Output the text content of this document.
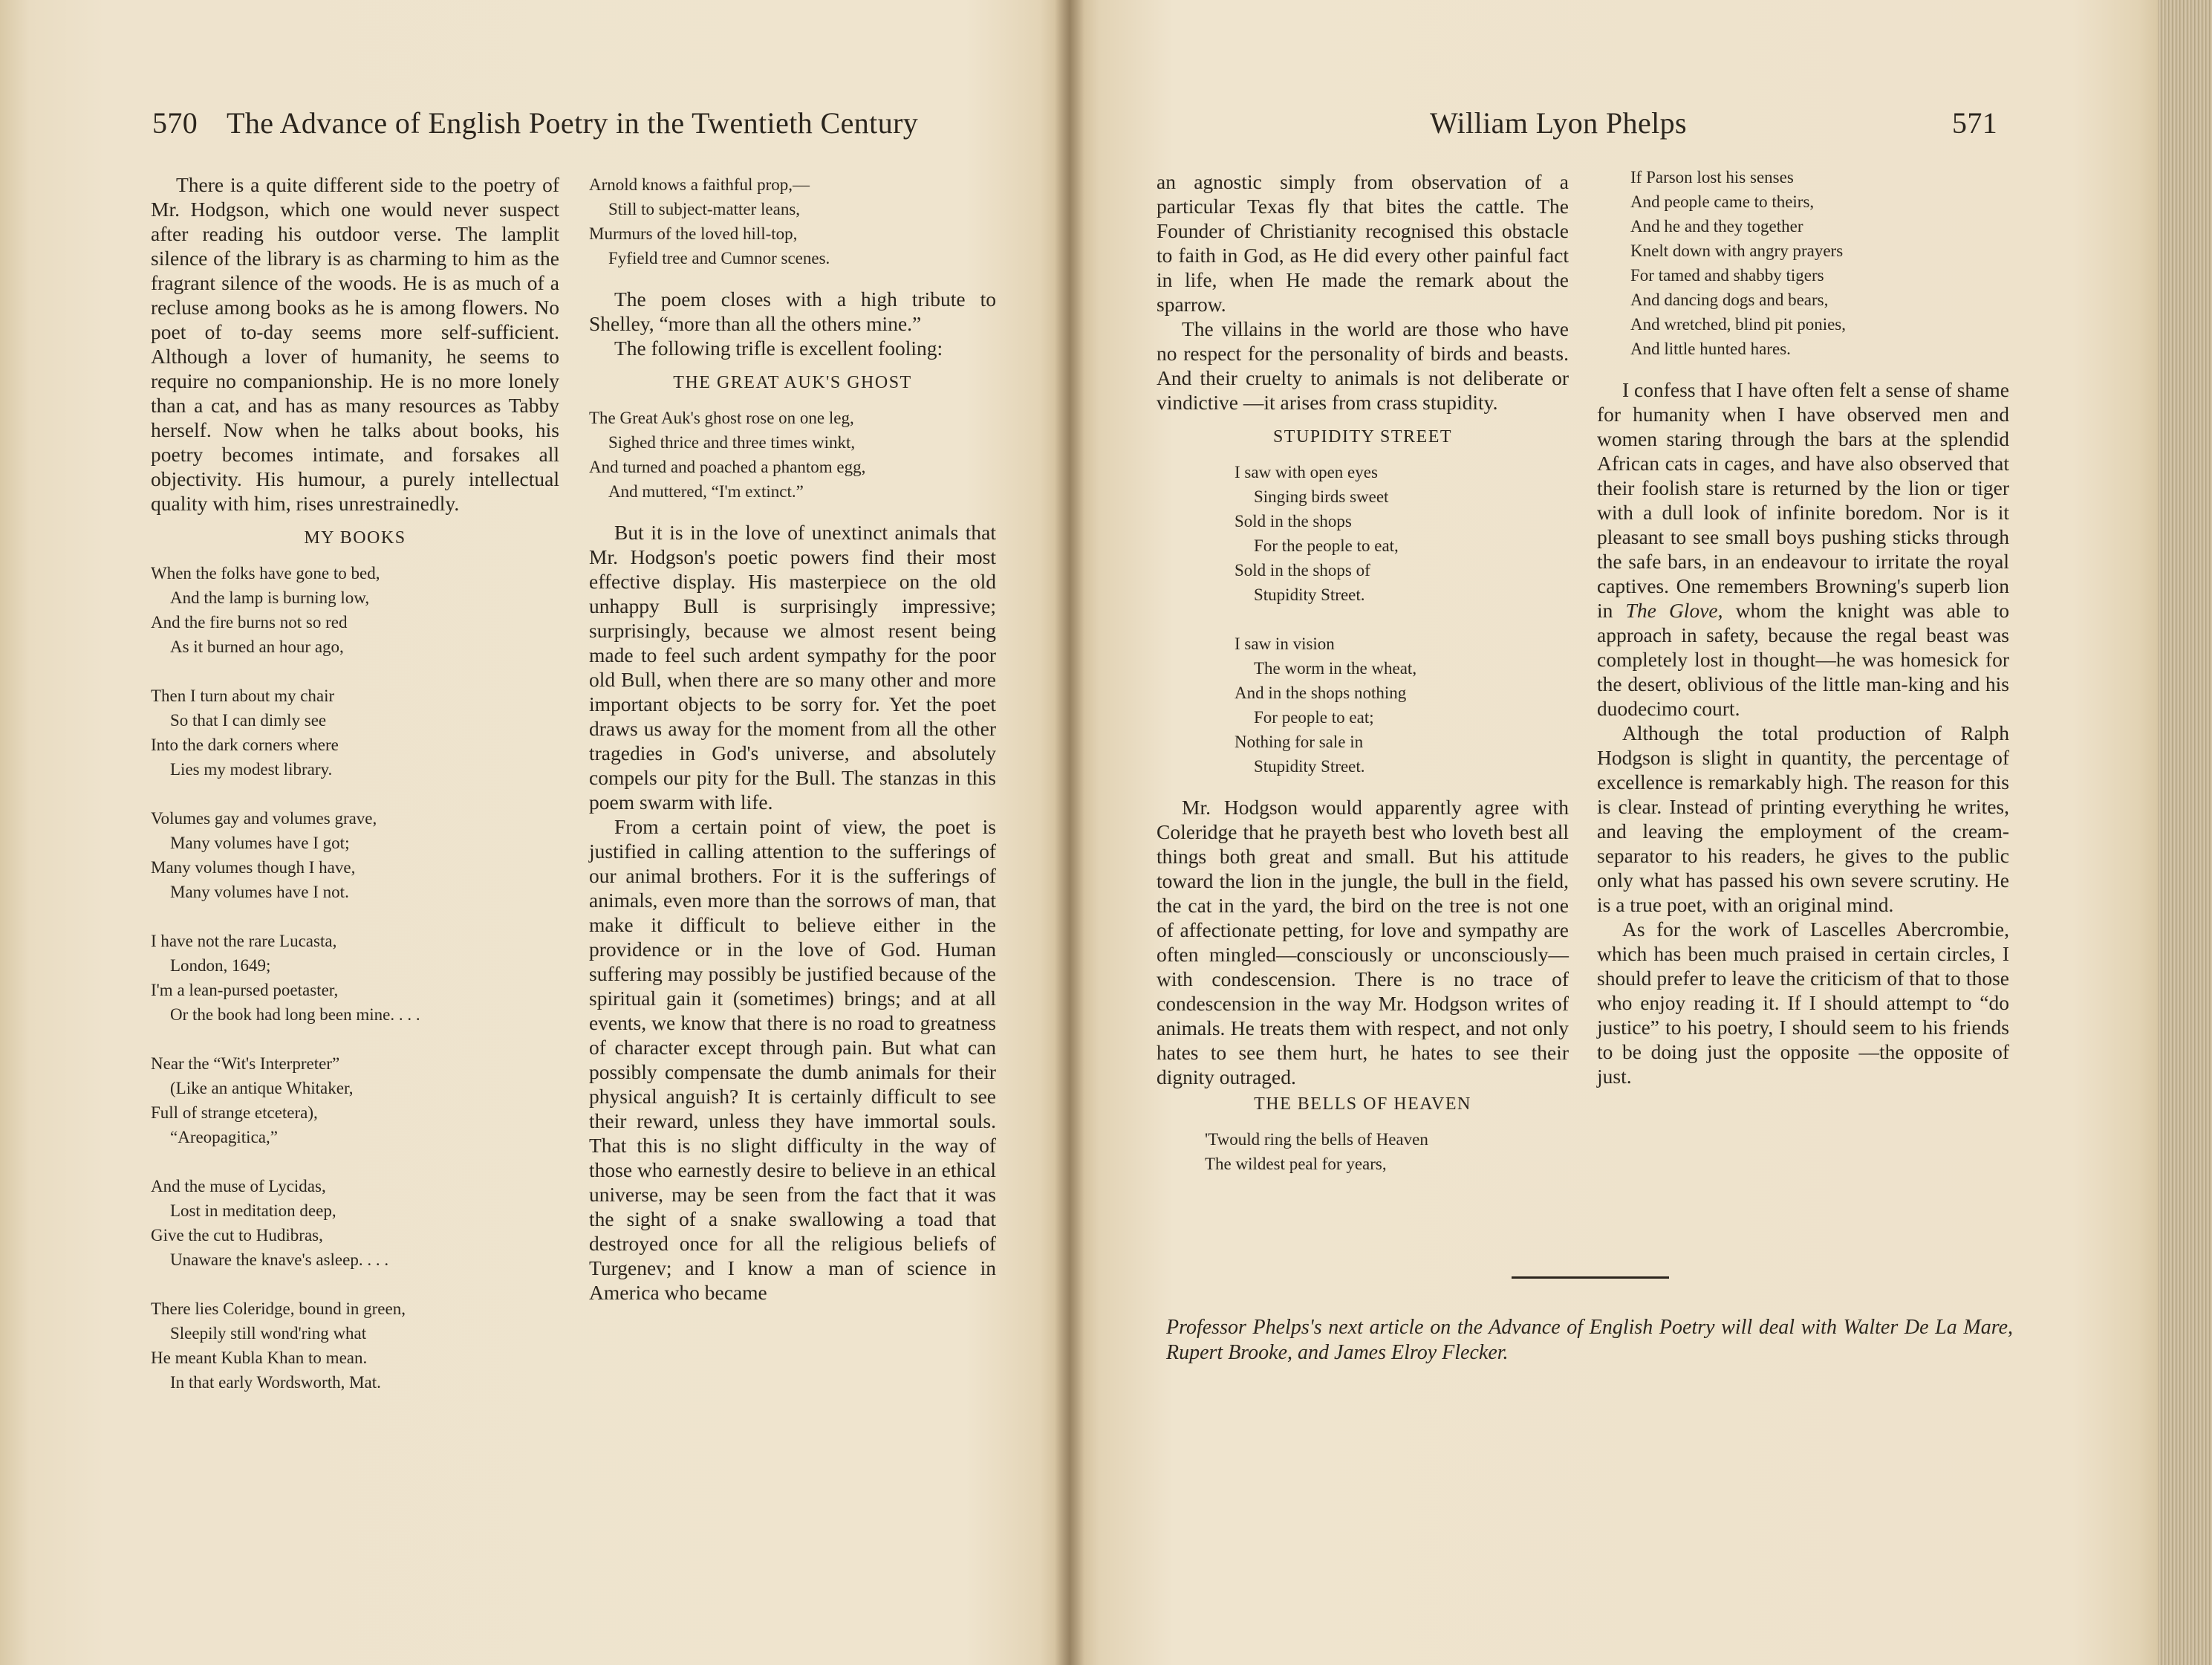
570 The Advance of English Poetry in the Twentieth Century

There is a quite different side to the poetry of Mr. Hodgson, which one would never suspect after reading his outdoor verse. The lamplit silence of the library is as charming to him as the fragrant silence of the woods. He is as much of a recluse among books as he is among flowers. No poet of to-day seems more self-sufficient. Although a lover of humanity, he seems to require no companionship. He is no more lonely than a cat, and has as many resources as Tabby herself. Now when he talks about books, his poetry becomes intimate, and forsakes all objectivity. His humour, a purely intellectual quality with him, rises unrestrainedly.

MY BOOKS
When the folks have gone to bed,
And the lamp is burning low,
And the fire burns not so red
As it burned an hour ago,
Then I turn about my chair
So that I can dimly see
Into the dark corners where
Lies my modest library.
Volumes gay and volumes grave,
Many volumes have I got;
Many volumes though I have,
Many volumes have I not.
I have not the rare Lucasta,
London, 1649;
I'm a lean-pursed poetaster,
Or the book had long been mine. . . .
Near the “Wit's Interpreter”
(Like an antique Whitaker,
Full of strange etcetera),
“Areopagitica,”
And the muse of Lycidas,
Lost in meditation deep,
Give the cut to Hudibras,
Unaware the knave's asleep. . . .
There lies Coleridge, bound in green,
Sleepily still wond'ring what
He meant Kubla Khan to mean.
In that early Wordsworth, Mat.
Arnold knows a faithful prop,—
Still to subject-matter leans,
Murmurs of the loved hill-top,
Fyfield tree and Cumnor scenes.

The poem closes with a high tribute to Shelley, “more than all the others mine.”

The following trifle is excellent fooling:

THE GREAT AUK'S GHOST
The Great Auk's ghost rose on one leg,
Sighed thrice and three times winkt,
And turned and poached a phantom egg,
And muttered, “I'm extinct.”

But it is in the love of unextinct animals that Mr. Hodgson's poetic powers find their most effective display. His masterpiece on the old unhappy Bull is surprisingly impressive; surprisingly, because we almost resent being made to feel such ardent sympathy for the poor old Bull, when there are so many other and more important objects to be sorry for. Yet the poet draws us away for the moment from all the other tragedies in God's universe, and absolutely compels our pity for the Bull. The stanzas in this poem swarm with life.

From a certain point of view, the poet is justified in calling attention to the sufferings of our animal brothers. For it is the sufferings of animals, even more than the sorrows of man, that make it difficult to believe either in the providence or in the love of God. Human suffering may possibly be justified because of the spiritual gain it (sometimes) brings; and at all events, we know that there is no road to greatness of character except through pain. But what can possibly compensate the dumb animals for their physical anguish? It is certainly difficult to see their reward, unless they have immortal souls. That this is no slight difficulty in the way of those who earnestly desire to believe in an ethical universe, may be seen from the fact that it was the sight of a snake swallowing a toad that destroyed once for all the religious beliefs of Turgenev; and I know a man of science in America who became

William Lyon Phelps	571

an agnostic simply from observation of a particular Texas fly that bites the cattle. The Founder of Christianity recognised this obstacle to faith in God, as He did every other painful fact in life, when He made the remark about the sparrow.

The villains in the world are those who have no respect for the personality of birds and beasts. And their cruelty to animals is not deliberate or vindictive —it arises from crass stupidity.

STUPIDITY STREET
I saw with open eyes
Singing birds sweet
Sold in the shops
For the people to eat,
Sold in the shops of
Stupidity Street.
I saw in vision
The worm in the wheat,
And in the shops nothing
For people to eat;
Nothing for sale in
Stupidity Street.

Mr. Hodgson would apparently agree with Coleridge that he prayeth best who loveth best all things both great and small. But his attitude toward the lion in the jungle, the bull in the field, the cat in the yard, the bird on the tree is not one of affectionate petting, for love and sympathy are often mingled—consciously or unconsciously—with condescension. There is no trace of condescension in the way Mr. Hodgson writes of animals. He treats them with respect, and not only hates to see them hurt, he hates to see their dignity outraged.

THE BELLS OF HEAVEN
'Twould ring the bells of Heaven
The wildest peal for years,
If Parson lost his senses
And people came to theirs,
And he and they together
Knelt down with angry prayers
For tamed and shabby tigers
And dancing dogs and bears,
And wretched, blind pit ponies,
And little hunted hares.

I confess that I have often felt a sense of shame for humanity when I have observed men and women staring through the bars at the splendid African cats in cages, and have also observed that their foolish stare is returned by the lion or tiger with a dull look of infinite boredom. Nor is it pleasant to see small boys pushing sticks through the safe bars, in an endeavour to irritate the royal captives. One remembers Browning's superb lion in The Glove, whom the knight was able to approach in safety, because the regal beast was completely lost in thought—he was homesick for the desert, oblivious of the little man-king and his duodecimo court.

Although the total production of Ralph Hodgson is slight in quantity, the percentage of excellence is remarkably high. The reason for this is clear. Instead of printing everything he writes, and leaving the employment of the cream-separator to his readers, he gives to the public only what has passed his own severe scrutiny. He is a true poet, with an original mind.

As for the work of Lascelles Abercrombie, which has been much praised in certain circles, I should prefer to leave the criticism of that to those who enjoy reading it. If I should attempt to “do justice” to his poetry, I should seem to his friends to be doing just the opposite —the opposite of just.

Professor Phelps's next article on the Advance of English Poetry will deal with Walter De La Mare, Rupert Brooke, and James Elroy Flecker.
